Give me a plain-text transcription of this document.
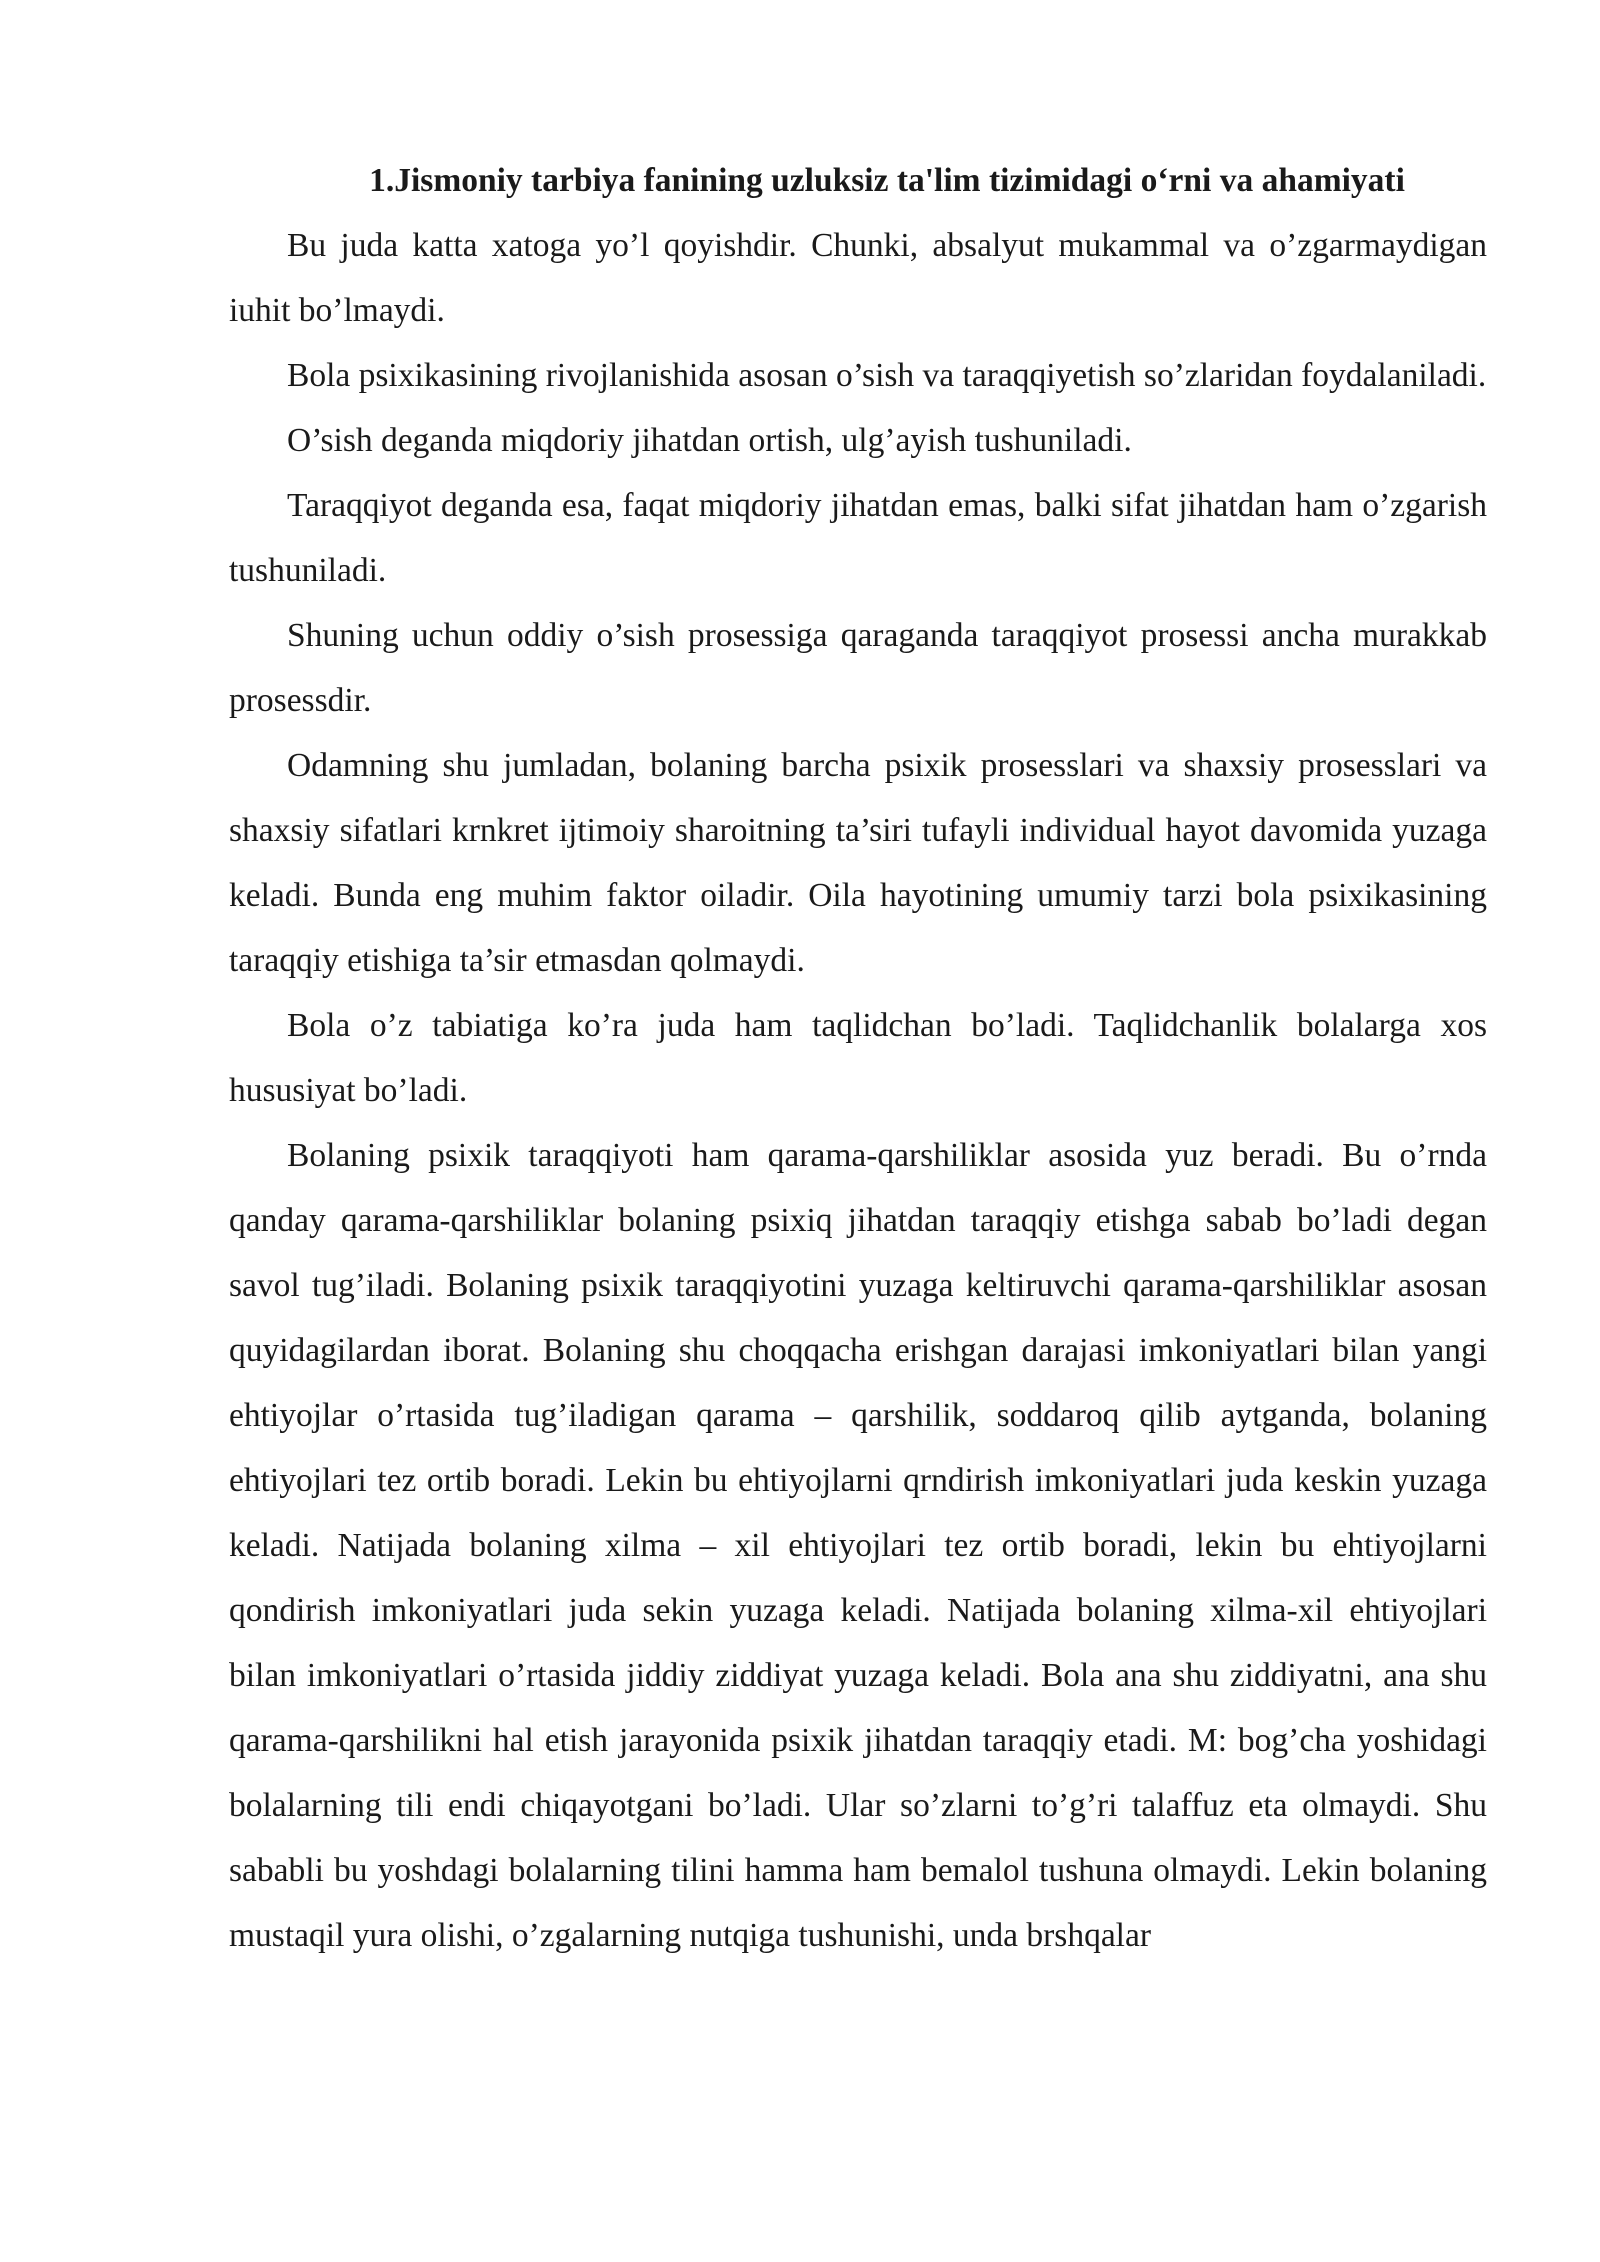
1.Jismoniy tarbiya fanining uzluksiz ta'lim tizimidagi o‘rni va ahamiyati

Bu juda katta xatoga yo’l qoyishdir. Chunki, absalyut mukammal va o’zgarmaydigan iuhit bo’lmaydi.

Bola psixikasining rivojlanishida asosan o’sish va taraqqiyetish so’zlaridan foydalaniladi.

O’sish deganda miqdoriy jihatdan ortish, ulg’ayish tushuniladi.

Taraqqiyot deganda esa, faqat miqdoriy jihatdan emas, balki sifat jihatdan ham o’zgarish tushuniladi.

Shuning uchun oddiy o’sish prosessiga qaraganda taraqqiyot prosessi ancha murakkab prosessdir.

Odamning shu jumladan, bolaning barcha psixik prosesslari va shaxsiy prosesslari va shaxsiy sifatlari krnkret ijtimoiy sharoitning ta’siri tufayli individual hayot davomida yuzaga keladi. Bunda eng muhim faktor oiladir. Oila hayotining umumiy tarzi bola psixikasining taraqqiy etishiga ta’sir etmasdan qolmaydi.

Bola o’z tabiatiga ko’ra juda ham taqlidchan bo’ladi. Taqlidchanlik bolalarga xos hususiyat bo’ladi.

Bolaning psixik taraqqiyoti ham qarama-qarshiliklar asosida yuz beradi. Bu o’rnda qanday qarama-qarshiliklar bolaning psixiq jihatdan taraqqiy etishga sabab bo’ladi degan savol tug’iladi. Bolaning psixik taraqqiyotini yuzaga keltiruvchi qarama-qarshiliklar asosan quyidagilardan iborat. Bolaning shu choqqacha erishgan darajasi imkoniyatlari bilan yangi ehtiyojlar o’rtasida tug’iladigan qarama – qarshilik, soddaroq qilib aytganda, bolaning ehtiyojlari tez ortib boradi. Lekin bu ehtiyojlarni qrndirish imkoniyatlari juda keskin yuzaga keladi. Natijada bolaning xilma – xil ehtiyojlari tez ortib boradi, lekin bu ehtiyojlarni qondirish imkoniyatlari juda sekin yuzaga keladi. Natijada bolaning xilma-xil ehtiyojlari bilan imkoniyatlari o’rtasida jiddiy ziddiyat yuzaga keladi. Bola ana shu ziddiyatni, ana shu qarama-qarshilikni hal etish jarayonida psixik jihatdan taraqqiy etadi. M: bog’cha yoshidagi bolalarning tili endi chiqayotgani bo’ladi. Ular so’zlarni to’g’ri talaffuz eta olmaydi. Shu sababli bu yoshdagi bolalarning tilini hamma ham bemalol tushuna olmaydi. Lekin bolaning mustaqil yura olishi, o’zgalarning nutqiga tushunishi, unda brshqalar
